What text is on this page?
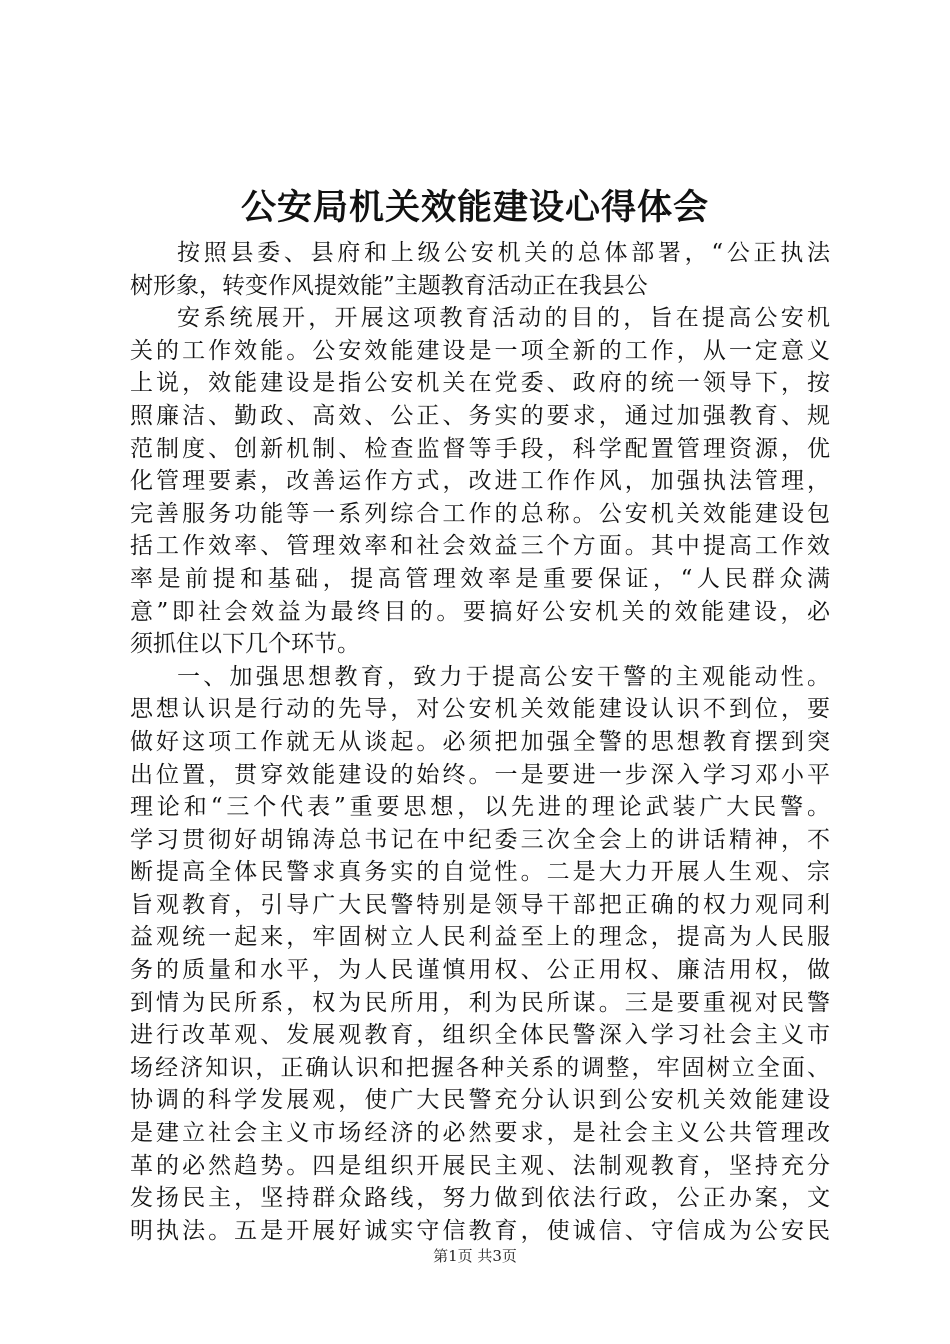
公安局机关效能建设心得体会
按照县委、县府和上级公安机关的总体部署，“公正执法
树形象，转变作风提效能”主题教育活动正在我县公
安系统展开，开展这项教育活动的目的，旨在提高公安机
关的工作效能。公安效能建设是一项全新的工作，从一定意义
上说，效能建设是指公安机关在党委、政府的统一领导下，按
照廉洁、勤政、高效、公正、务实的要求，通过加强教育、规
范制度、创新机制、检查监督等手段，科学配置管理资源，优
化管理要素，改善运作方式，改进工作作风，加强执法管理，
完善服务功能等一系列综合工作的总称。公安机关效能建设包
括工作效率、管理效率和社会效益三个方面。其中提高工作效
率是前提和基础，提高管理效率是重要保证，“人民群众满
意”即社会效益为最终目的。要搞好公安机关的效能建设，必
须抓住以下几个环节。
一、加强思想教育，致力于提高公安干警的主观能动性。
思想认识是行动的先导，对公安机关效能建设认识不到位，要
做好这项工作就无从谈起。必须把加强全警的思想教育摆到突
出位置，贯穿效能建设的始终。一是要进一步深入学习邓小平
理论和“三个代表”重要思想，以先进的理论武装广大民警。
学习贯彻好胡锦涛总书记在中纪委三次全会上的讲话精神，不
断提高全体民警求真务实的自觉性。二是大力开展人生观、宗
旨观教育，引导广大民警特别是领导干部把正确的权力观同利
益观统一起来，牢固树立人民利益至上的理念，提高为人民服
务的质量和水平，为人民谨慎用权、公正用权、廉洁用权，做
到情为民所系，权为民所用，利为民所谋。三是要重视对民警
进行改革观、发展观教育，组织全体民警深入学习社会主义市
场经济知识，正确认识和把握各种关系的调整，牢固树立全面、
协调的科学发展观，使广大民警充分认识到公安机关效能建设
是建立社会主义市场经济的必然要求，是社会主义公共管理改
革的必然趋势。四是组织开展民主观、法制观教育，坚持充分
发扬民主，坚持群众路线，努力做到依法行政，公正办案，文
明执法。五是开展好诚实守信教育，使诚信、守信成为公安民
第1页 共3页
